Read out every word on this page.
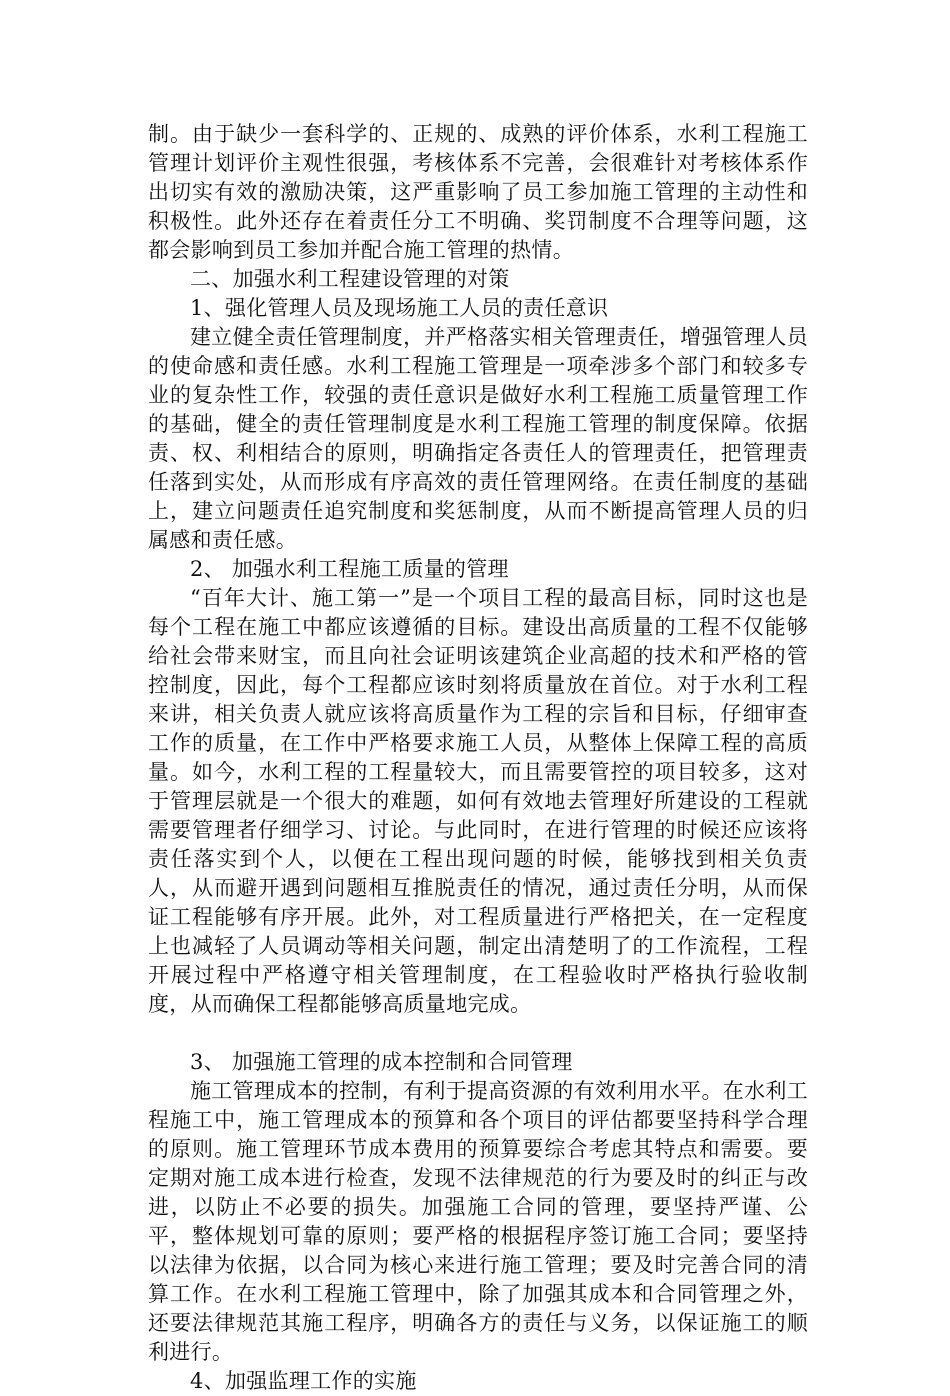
制。由于缺少一套科学的、正规的、成熟的评价体系，水利工程施工管理计划评价主观性很强，考核体系不完善，会很难针对考核体系作出切实有效的激励决策，这严重影响了员工参加施工管理的主动性和积极性。此外还存在着责任分工不明确、奖罚制度不合理等问题，这都会影响到员工参加并配合施工管理的热情。

二、加强水利工程建设管理的对策

1、强化管理人员及现场施工人员的责任意识

建立健全责任管理制度，并严格落实相关管理责任，增强管理人员的使命感和责任感。水利工程施工管理是一项牵涉多个部门和较多专业的复杂性工作，较强的责任意识是做好水利工程施工质量管理工作的基础，健全的责任管理制度是水利工程施工管理的制度保障。依据责、权、利相结合的原则，明确指定各责任人的管理责任，把管理责任落到实处，从而形成有序高效的责任管理网络。在责任制度的基础上，建立问题责任追究制度和奖惩制度，从而不断提高管理人员的归属感和责任感。

2、 加强水利工程施工质量的管理

“百年大计、施工第一”是一个项目工程的最高目标，同时这也是每个工程在施工中都应该遵循的目标。建设出高质量的工程不仅能够给社会带来财宝，而且向社会证明该建筑企业高超的技术和严格的管控制度，因此，每个工程都应该时刻将质量放在首位。对于水利工程来讲，相关负责人就应该将高质量作为工程的宗旨和目标，仔细审查工作的质量，在工作中严格要求施工人员，从整体上保障工程的高质量。如今，水利工程的工程量较大，而且需要管控的项目较多，这对于管理层就是一个很大的难题，如何有效地去管理好所建设的工程就需要管理者仔细学习、讨论。与此同时，在进行管理的时候还应该将责任落实到个人，以便在工程出现问题的时候，能够找到相关负责人，从而避开遇到问题相互推脱责任的情况，通过责任分明，从而保证工程能够有序开展。此外，对工程质量进行严格把关，在一定程度上也减轻了人员调动等相关问题，制定出清楚明了的工作流程，工程开展过程中严格遵守相关管理制度，在工程验收时严格执行验收制度，从而确保工程都能够高质量地完成。

3、 加强施工管理的成本控制和合同管理

施工管理成本的控制，有利于提高资源的有效利用水平。在水利工程施工中，施工管理成本的预算和各个项目的评估都要坚持科学合理的原则。施工管理环节成本费用的预算要综合考虑其特点和需要。要定期对施工成本进行检查，发现不法律规范的行为要及时的纠正与改进，以防止不必要的损失。加强施工合同的管理，要坚持严谨、公平，整体规划可靠的原则；要严格的根据程序签订施工合同；要坚持以法律为依据，以合同为核心来进行施工管理；要及时完善合同的清算工作。在水利工程施工管理中，除了加强其成本和合同管理之外，还要法律规范其施工程序，明确各方的责任与义务，以保证施工的顺利进行。

4、加强监理工作的实施
